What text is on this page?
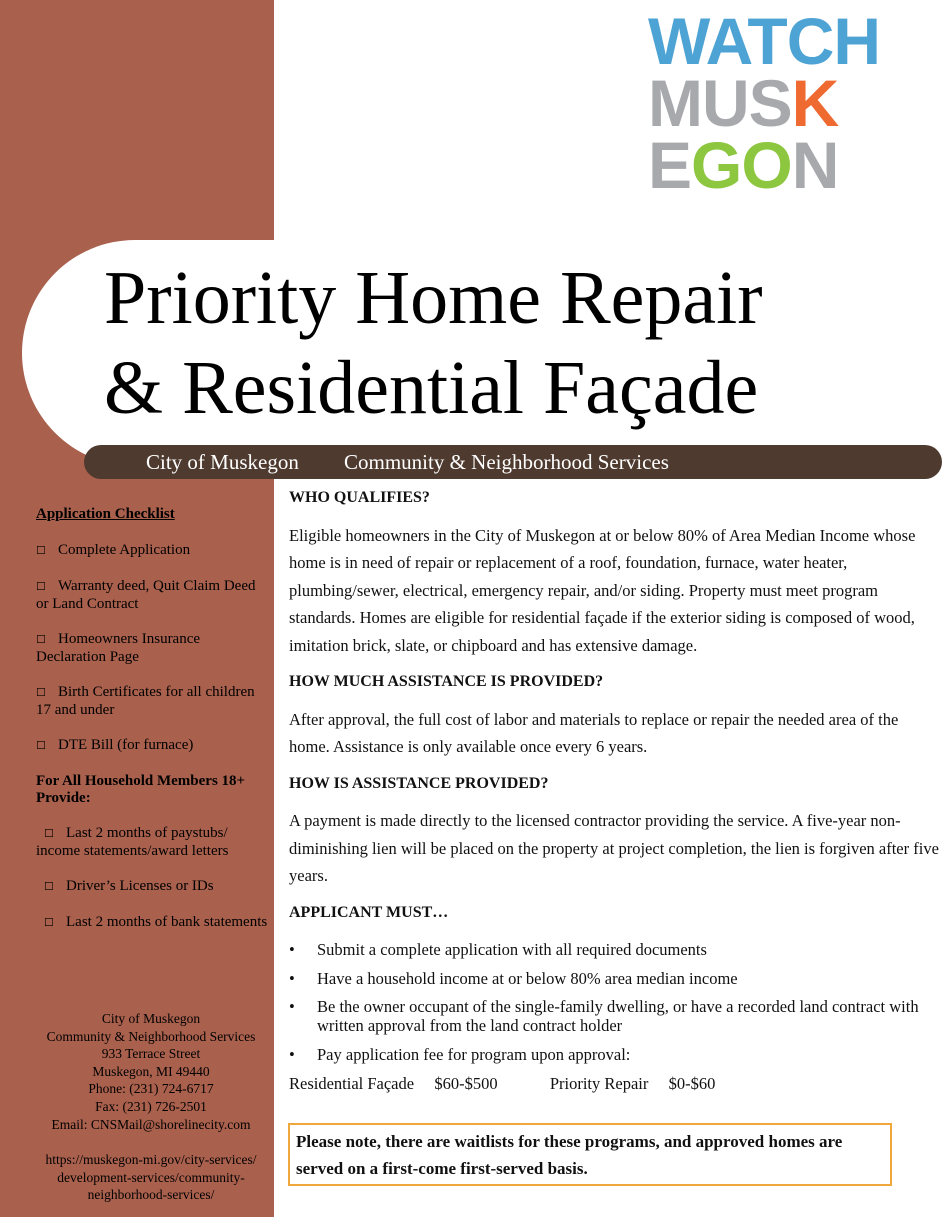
WATCH
MUSK
EGON
Priority Home Repair
& Residential Façade
City of Muskegon Community & Neighborhood Services
Application Checklist
☐ Complete Application
☐ Warranty deed, Quit Claim Deed or Land Contract
☐ Homeowners Insurance Declaration Page
☐ Birth Certificates for all children 17 and under
☐ DTE Bill (for furnace)
For All Household Members 18+ Provide:
☐ Last 2 months of paystubs/ income statements/award letters
☐ Driver’s Licenses or IDs
☐ Last 2 months of bank statements
City of Muskegon
Community & Neighborhood Services
933 Terrace Street
Muskegon, MI 49440
Phone: (231) 724-6717
Fax: (231) 726-2501
Email: CNSMail@shorelinecity.com
https://muskegon-mi.gov/city-services/
development-services/community-
neighborhood-services/
WHO QUALIFIES?

Eligible homeowners in the City of Muskegon at or below 80% of Area Median Income whose home is in need of repair or replacement of a roof, foundation, furnace, water heater, plumbing/sewer, electrical, emergency repair, and/or siding. Property must meet program standards. Homes are eligible for residential façade if the exterior siding is composed of wood, imitation brick, slate, or chipboard and has extensive damage.

HOW MUCH ASSISTANCE IS PROVIDED?

After approval, the full cost of labor and materials to replace or repair the needed area of the home. Assistance is only available once every 6 years.

HOW IS ASSISTANCE PROVIDED?

A payment is made directly to the licensed contractor providing the service. A five-year non-diminishing lien will be placed on the property at project completion, the lien is forgiven after five years.

APPLICANT MUST…
• Submit a complete application with all required documents
• Have a household income at or below 80% area median income
• Be the owner occupant of the single-family dwelling, or have a recorded land contract with written approval from the land contract holder
• Pay application fee for program upon approval:
Residential Façade $60-$500	Priority Repair $0-$60
Please note, there are waitlists for these programs, and approved homes are served on a first-come first-served basis.
